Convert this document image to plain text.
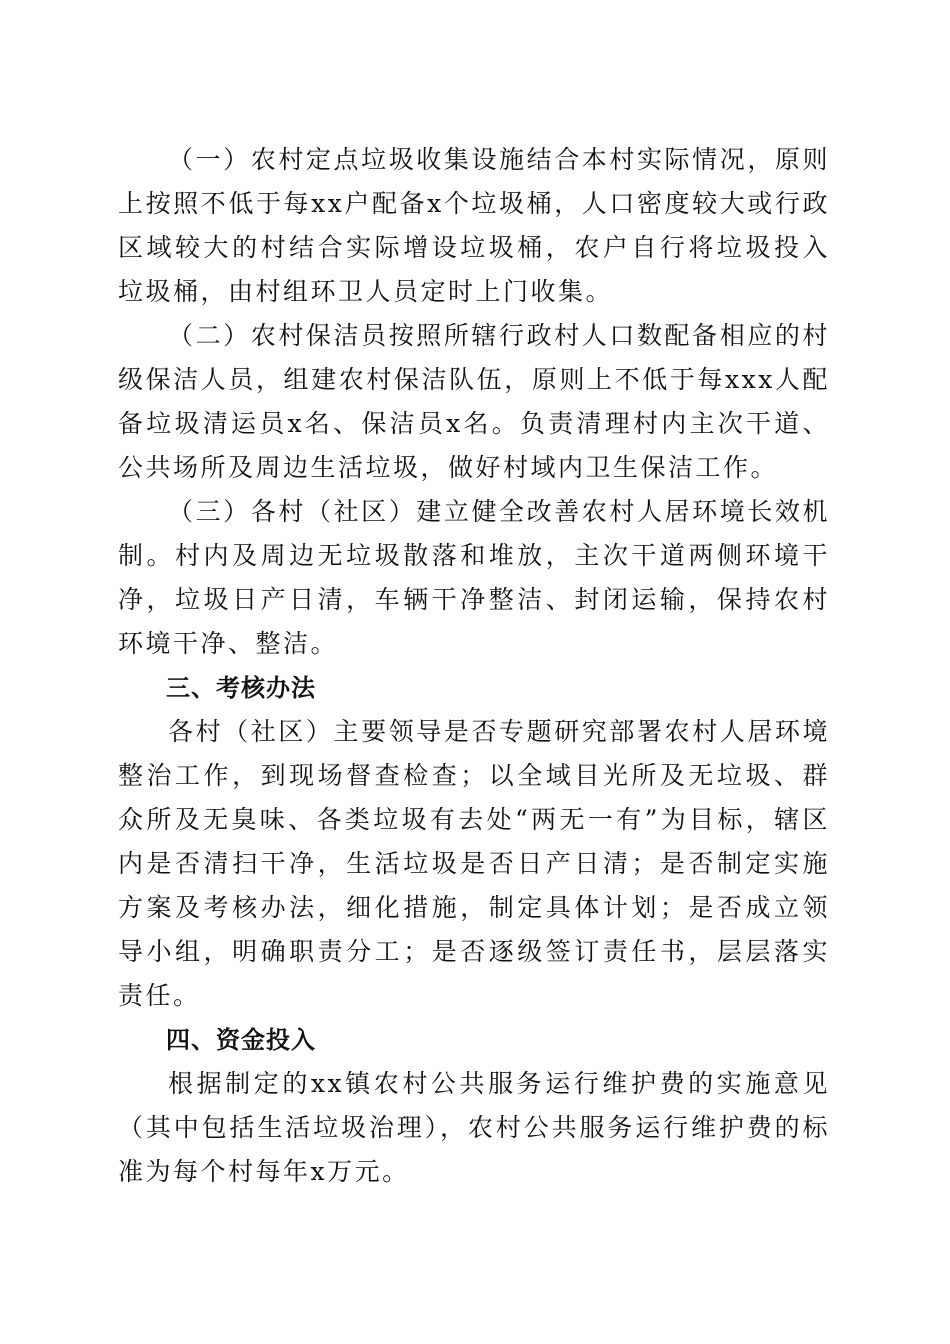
（一）农村定点垃圾收集设施结合本村实际情况，原则上按照不低于每xx户配备x个垃圾桶，人口密度较大或行政区域较大的村结合实际增设垃圾桶，农户自行将垃圾投入垃圾桶，由村组环卫人员定时上门收集。

（二）农村保洁员按照所辖行政村人口数配备相应的村级保洁人员，组建农村保洁队伍，原则上不低于每xxx人配备垃圾清运员x名、保洁员x名。负责清理村内主次干道、公共场所及周边生活垃圾，做好村域内卫生保洁工作。

（三）各村（社区）建立健全改善农村人居环境长效机制。村内及周边无垃圾散落和堆放，主次干道两侧环境干净，垃圾日产日清，车辆干净整洁、封闭运输，保持农村环境干净、整洁。

三、考核办法

各村（社区）主要领导是否专题研究部署农村人居环境整治工作，到现场督查检查；以全域目光所及无垃圾、群众所及无臭味、各类垃圾有去处“两无一有”为目标，辖区内是否清扫干净，生活垃圾是否日产日清；是否制定实施方案及考核办法，细化措施，制定具体计划；是否成立领导小组，明确职责分工；是否逐级签订责任书，层层落实责任。

四、资金投入

根据制定的xx镇农村公共服务运行维护费的实施意见（其中包括生活垃圾治理），农村公共服务运行维护费的标准为每个村每年x万元。
